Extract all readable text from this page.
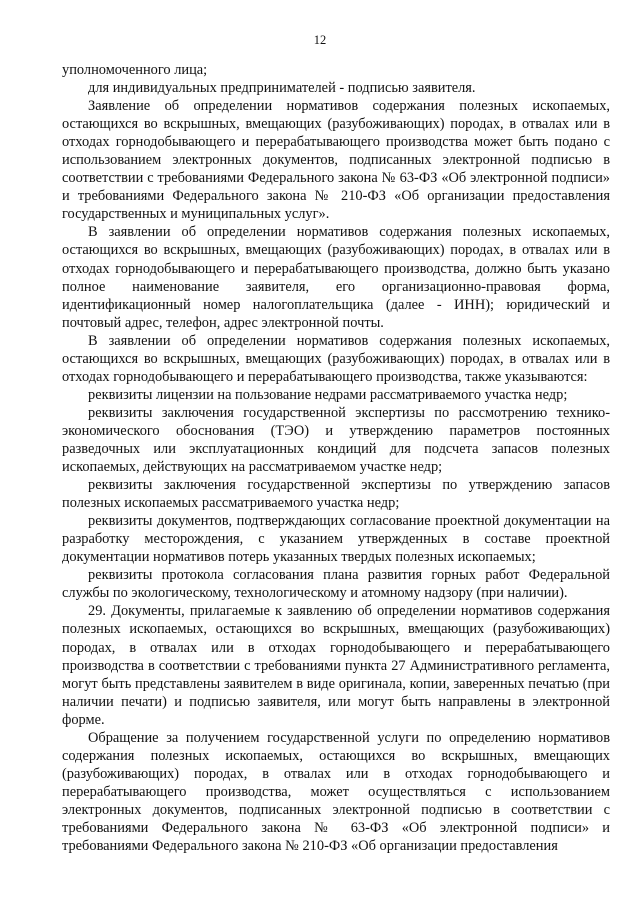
12

уполномоченного лица;

для индивидуальных предпринимателей - подписью заявителя.

Заявление об определении нормативов содержания полезных ископаемых, остающихся во вскрышных, вмещающих (разубоживающих) породах, в отвалах или в отходах горнодобывающего и перерабатывающего производства может быть подано с использованием электронных документов, подписанных электронной подписью в соответствии с требованиями Федерального закона № 63-ФЗ «Об электронной подписи» и требованиями Федерального закона № 210-ФЗ «Об организации предоставления государственных и муниципальных услуг».

В заявлении об определении нормативов содержания полезных ископаемых, остающихся во вскрышных, вмещающих (разубоживающих) породах, в отвалах или в отходах горнодобывающего и перерабатывающего производства, должно быть указано полное наименование заявителя, его организационно-правовая форма, идентификационный номер налогоплательщика (далее - ИНН); юридический и почтовый адрес, телефон, адрес электронной почты.

В заявлении об определении нормативов содержания полезных ископаемых, остающихся во вскрышных, вмещающих (разубоживающих) породах, в отвалах или в отходах горнодобывающего и перерабатывающего производства, также указываются:

реквизиты лицензии на пользование недрами рассматриваемого участка недр;

реквизиты заключения государственной экспертизы по рассмотрению технико-экономического обоснования (ТЭО) и утверждению параметров постоянных разведочных или эксплуатационных кондиций для подсчета запасов полезных ископаемых, действующих на рассматриваемом участке недр;

реквизиты заключения государственной экспертизы по утверждению запасов полезных ископаемых рассматриваемого участка недр;

реквизиты документов, подтверждающих согласование проектной документации на разработку месторождения, с указанием утвержденных в составе проектной документации нормативов потерь указанных твердых полезных ископаемых;

реквизиты протокола согласования плана развития горных работ Федеральной службы по экологическому, технологическому и атомному надзору (при наличии).

29. Документы, прилагаемые к заявлению об определении нормативов содержания полезных ископаемых, остающихся во вскрышных, вмещающих (разубоживающих) породах, в отвалах или в отходах горнодобывающего и перерабатывающего производства в соответствии с требованиями пункта 27 Административного регламента, могут быть представлены заявителем в виде оригинала, копии, заверенных печатью (при наличии печати) и подписью заявителя, или могут быть направлены в электронной форме.

Обращение за получением государственной услуги по определению нормативов содержания полезных ископаемых, остающихся во вскрышных, вмещающих (разубоживающих) породах, в отвалах или в отходах горнодобывающего и перерабатывающего производства, может осуществляться с использованием электронных документов, подписанных электронной подписью в соответствии с требованиями Федерального закона № 63-ФЗ «Об электронной подписи» и требованиями Федерального закона № 210-ФЗ «Об организации предоставления
